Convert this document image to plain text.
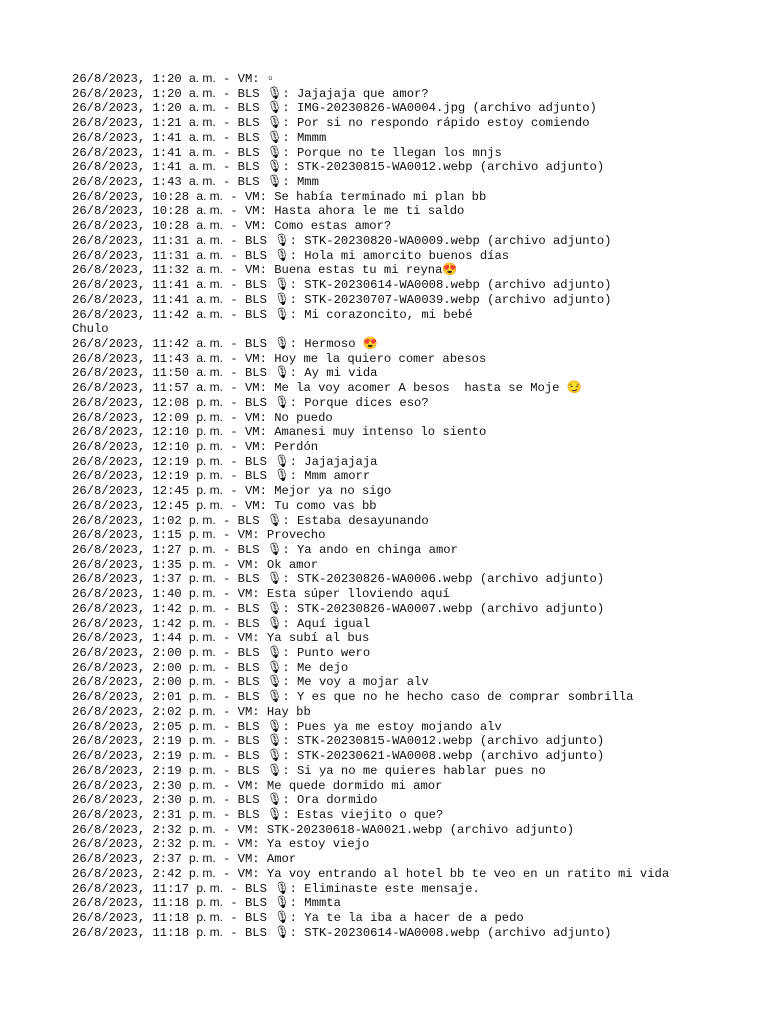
26/8/2023, 1:20 a. m. - VM: ▫
26/8/2023, 1:20 a. m. - BLS 🎙: Jajajaja que amor?
26/8/2023, 1:20 a. m. - BLS 🎙: IMG-20230826-WA0004.jpg (archivo adjunto)
26/8/2023, 1:21 a. m. - BLS 🎙: Por si no respondo rápido estoy comiendo
26/8/2023, 1:41 a. m. - BLS 🎙: Mmmm
26/8/2023, 1:41 a. m. - BLS 🎙: Porque no te llegan los mnjs
26/8/2023, 1:41 a. m. - BLS 🎙: STK-20230815-WA0012.webp (archivo adjunto)
26/8/2023, 1:43 a. m. - BLS 🎙: Mmm
26/8/2023, 10:28 a. m. - VM: Se había terminado mi plan bb
26/8/2023, 10:28 a. m. - VM: Hasta ahora le me ti saldo
26/8/2023, 10:28 a. m. - VM: Como estas amor?
26/8/2023, 11:31 a. m. - BLS 🎙: STK-20230820-WA0009.webp (archivo adjunto)
26/8/2023, 11:31 a. m. - BLS 🎙: Hola mi amorcito buenos días
26/8/2023, 11:32 a. m. - VM: Buena estas tu mi reyna😍
26/8/2023, 11:41 a. m. - BLS 🎙: STK-20230614-WA0008.webp (archivo adjunto)
26/8/2023, 11:41 a. m. - BLS 🎙: STK-20230707-WA0039.webp (archivo adjunto)
26/8/2023, 11:42 a. m. - BLS 🎙: Mi corazoncito, mi bebé
Chulo
26/8/2023, 11:42 a. m. - BLS 🎙: Hermoso 😍
26/8/2023, 11:43 a. m. - VM: Hoy me la quiero comer abesos
26/8/2023, 11:50 a. m. - BLS 🎙: Ay mi vida
26/8/2023, 11:57 a. m. - VM: Me la voy acomer A besos  hasta se Moje 😏
26/8/2023, 12:08 p. m. - BLS 🎙: Porque dices eso?
26/8/2023, 12:09 p. m. - VM: No puedo
26/8/2023, 12:10 p. m. - VM: Amanesi muy intenso lo siento
26/8/2023, 12:10 p. m. - VM: Perdón
26/8/2023, 12:19 p. m. - BLS 🎙: Jajajajaja
26/8/2023, 12:19 p. m. - BLS 🎙: Mmm amorr
26/8/2023, 12:45 p. m. - VM: Mejor ya no sigo
26/8/2023, 12:45 p. m. - VM: Tu como vas bb
26/8/2023, 1:02 p. m. - BLS 🎙: Estaba desayunando
26/8/2023, 1:15 p. m. - VM: Provecho
26/8/2023, 1:27 p. m. - BLS 🎙: Ya ando en chinga amor
26/8/2023, 1:35 p. m. - VM: Ok amor
26/8/2023, 1:37 p. m. - BLS 🎙: STK-20230826-WA0006.webp (archivo adjunto)
26/8/2023, 1:40 p. m. - VM: Esta súper lloviendo aquí
26/8/2023, 1:42 p. m. - BLS 🎙: STK-20230826-WA0007.webp (archivo adjunto)
26/8/2023, 1:42 p. m. - BLS 🎙: Aquí igual
26/8/2023, 1:44 p. m. - VM: Ya subí al bus
26/8/2023, 2:00 p. m. - BLS 🎙: Punto wero
26/8/2023, 2:00 p. m. - BLS 🎙: Me dejo
26/8/2023, 2:00 p. m. - BLS 🎙: Me voy a mojar alv
26/8/2023, 2:01 p. m. - BLS 🎙: Y es que no he hecho caso de comprar sombrilla
26/8/2023, 2:02 p. m. - VM: Hay bb
26/8/2023, 2:05 p. m. - BLS 🎙: Pues ya me estoy mojando alv
26/8/2023, 2:19 p. m. - BLS 🎙: STK-20230815-WA0012.webp (archivo adjunto)
26/8/2023, 2:19 p. m. - BLS 🎙: STK-20230621-WA0008.webp (archivo adjunto)
26/8/2023, 2:19 p. m. - BLS 🎙: Si ya no me quieres hablar pues no
26/8/2023, 2:30 p. m. - VM: Me quede dormido mi amor
26/8/2023, 2:30 p. m. - BLS 🎙: Ora dormido
26/8/2023, 2:31 p. m. - BLS 🎙: Estas viejito o que?
26/8/2023, 2:32 p. m. - VM: STK-20230618-WA0021.webp (archivo adjunto)
26/8/2023, 2:32 p. m. - VM: Ya estoy viejo
26/8/2023, 2:37 p. m. - VM: Amor
26/8/2023, 2:42 p. m. - VM: Ya voy entrando al hotel bb te veo en un ratito mi vida
26/8/2023, 11:17 p. m. - BLS 🎙: Eliminaste este mensaje.
26/8/2023, 11:18 p. m. - BLS 🎙: Mmmta
26/8/2023, 11:18 p. m. - BLS 🎙: Ya te la iba a hacer de a pedo
26/8/2023, 11:18 p. m. - BLS 🎙: STK-20230614-WA0008.webp (archivo adjunto)
